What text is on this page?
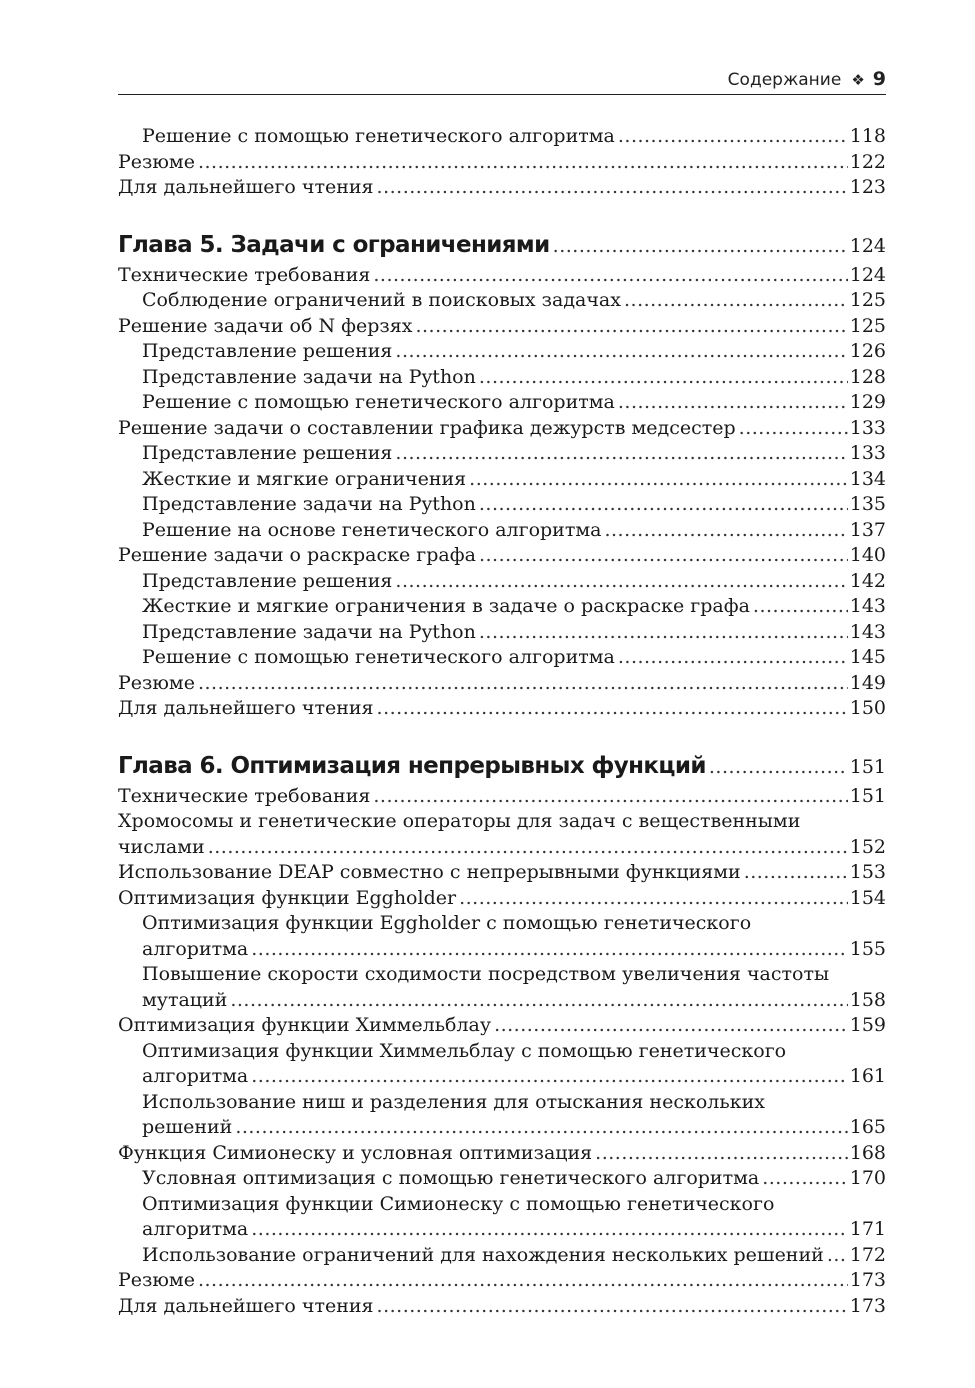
Содержание ❖ 9
Решение с помощью генетического алгоритма .....	118
Резюме .....	122
Для дальнейшего чтения .....	123
Глава 5. Задачи с ограничениями .....	124
Технические требования .....	124
Соблюдение ограничений в поисковых задачах .....	125
Решение задачи об N ферзях .....	125
Представление решения .....	126
Представление задачи на Python .....	128
Решение с помощью генетического алгоритма .....	129
Решение задачи о составлении графика дежурств медсестер .....	133
Представление решения .....	133
Жесткие и мягкие ограничения .....	134
Представление задачи на Python .....	135
Решение на основе генетического алгоритма .....	137
Решение задачи о раскраске графа .....	140
Представление решения .....	142
Жесткие и мягкие ограничения в задаче о раскраске графа .....	143
Представление задачи на Python .....	143
Решение с помощью генетического алгоритма .....	145
Резюме .....	149
Для дальнейшего чтения .....	150
Глава 6. Оптимизация непрерывных функций .....	151
Технические требования .....	151
Хромосомы и генетические операторы для задач с вещественными
числами .....	152
Использование DEAP совместно с непрерывными функциями .....	153
Оптимизация функции Eggholder .....	154
Оптимизация функции Eggholder с помощью генетического
алгоритма .....	155
Повышение скорости сходимости посредством увеличения частоты
мутаций .....	158
Оптимизация функции Химмельблау .....	159
Оптимизация функции Химмельблау с помощью генетического
алгоритма .....	161
Использование ниш и разделения для отыскания нескольких
решений .....	165
Функция Симионеску и условная оптимизация .....	168
Условная оптимизация с помощью генетического алгоритма .....	170
Оптимизация функции Симионеску с помощью генетического
алгоритма .....	171
Использование ограничений для нахождения нескольких решений ..... 172
Резюме .....	173
Для дальнейшего чтения .....	173
